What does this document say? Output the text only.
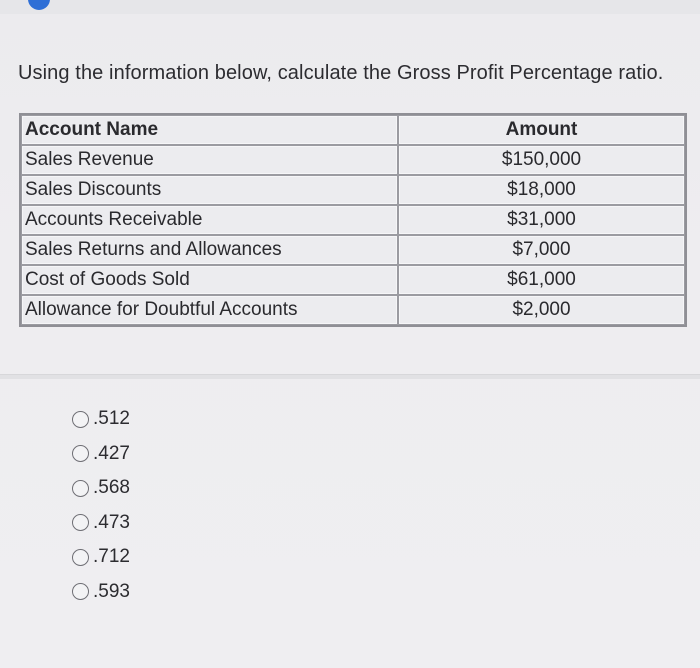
Using the information below, calculate the Gross Profit Percentage ratio.
Account Name	Amount
Sales Revenue	$150,000
Sales Discounts	$18,000
Accounts Receivable	$31,000
Sales Returns and Allowances	$7,000
Cost of Goods Sold	$61,000
Allowance for Doubtful Accounts	$2,000
.512
.427
.568
.473
.712
.593
